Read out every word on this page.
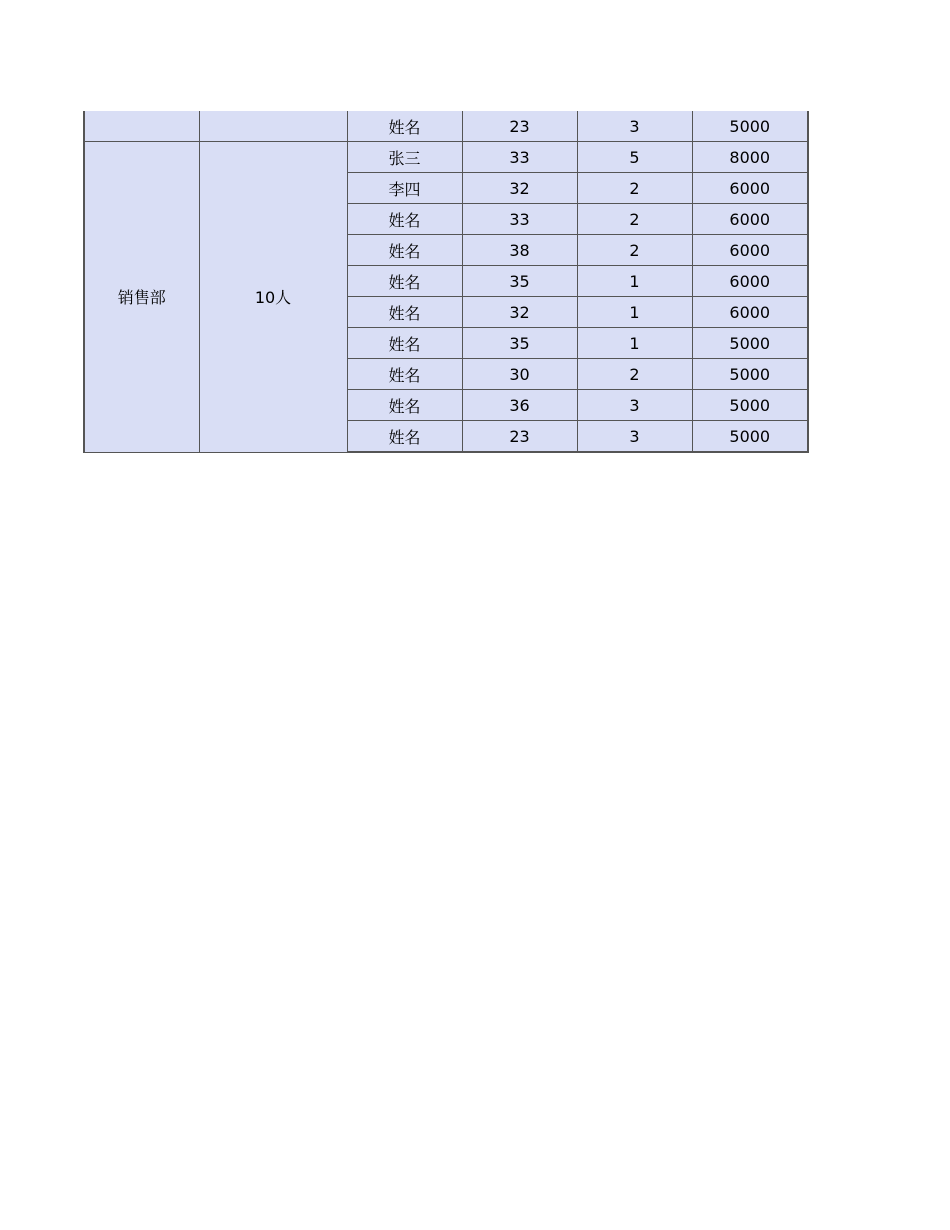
		姓名	23	3	5000
销售部	10人	张三	33	5	8000
		李四	32	2	6000
		姓名	33	2	6000
		姓名	38	2	6000
		姓名	35	1	6000
		姓名	32	1	6000
		姓名	35	1	5000
		姓名	30	2	5000
		姓名	36	3	5000
		姓名	23	3	5000
